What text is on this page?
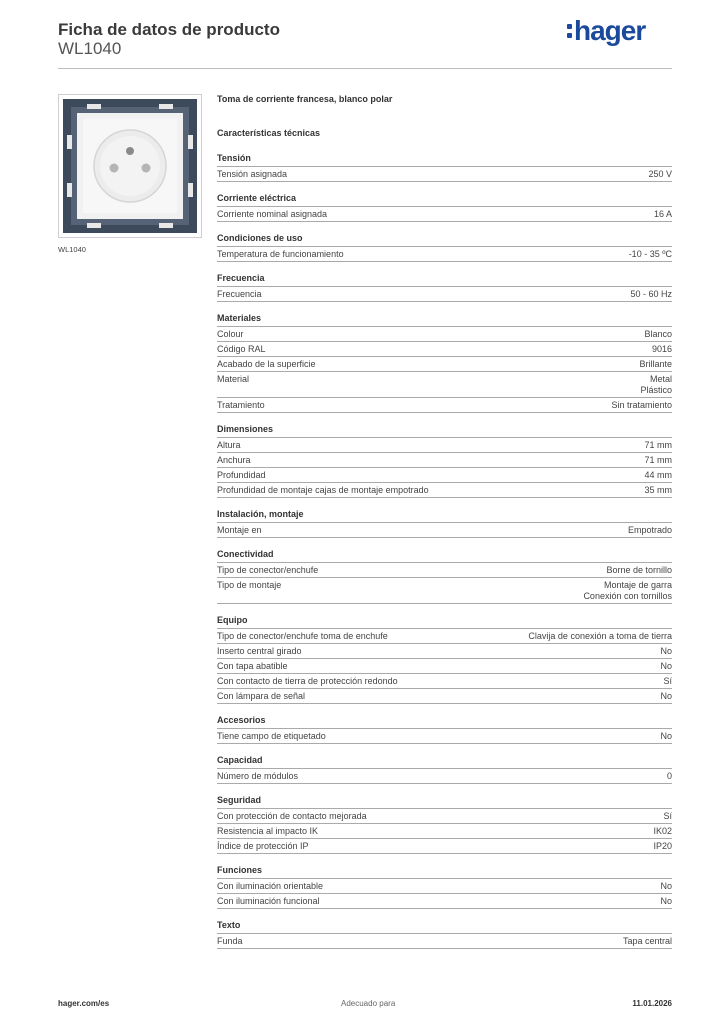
Ficha de datos de producto
WL1040
hager
WL1040
Toma de corriente francesa, blanco polar
Características técnicas
Tensión
Tensión asignada	250 V
Corriente eléctrica
Corriente nominal asignada	16 A
Condiciones de uso
Temperatura de funcionamiento	-10 - 35 ºC
Frecuencia
Frecuencia	50 - 60 Hz
Materiales
Colour	Blanco
Código RAL	9016
Acabado de la superficie	Brillante
Material	Metal
Plástico
Tratamiento	Sin tratamiento
Dimensiones
Altura	71 mm
Anchura	71 mm
Profundidad	44 mm
Profundidad de montaje cajas de montaje empotrado	35 mm
Instalación, montaje
Montaje en	Empotrado
Conectividad
Tipo de conector/enchufe	Borne de tornillo
Tipo de montaje	Montaje de garra
Conexión con tornillos
Equipo
Tipo de conector/enchufe toma de enchufe	Clavija de conexión a toma de tierra
Inserto central girado	No
Con tapa abatible	No
Con contacto de tierra de protección redondo	Sí
Con lámpara de señal	No
Accesorios
Tiene campo de etiquetado	No
Capacidad
Número de módulos	0
Seguridad
Con protección de contacto mejorada	Sí
Resistencia al impacto IK	IK02
Índice de protección IP	IP20
Funciones
Con iluminación orientable	No
Con iluminación funcional	No
Texto
Funda	Tapa central
hager.com/es	Adecuado para	11.01.2026
